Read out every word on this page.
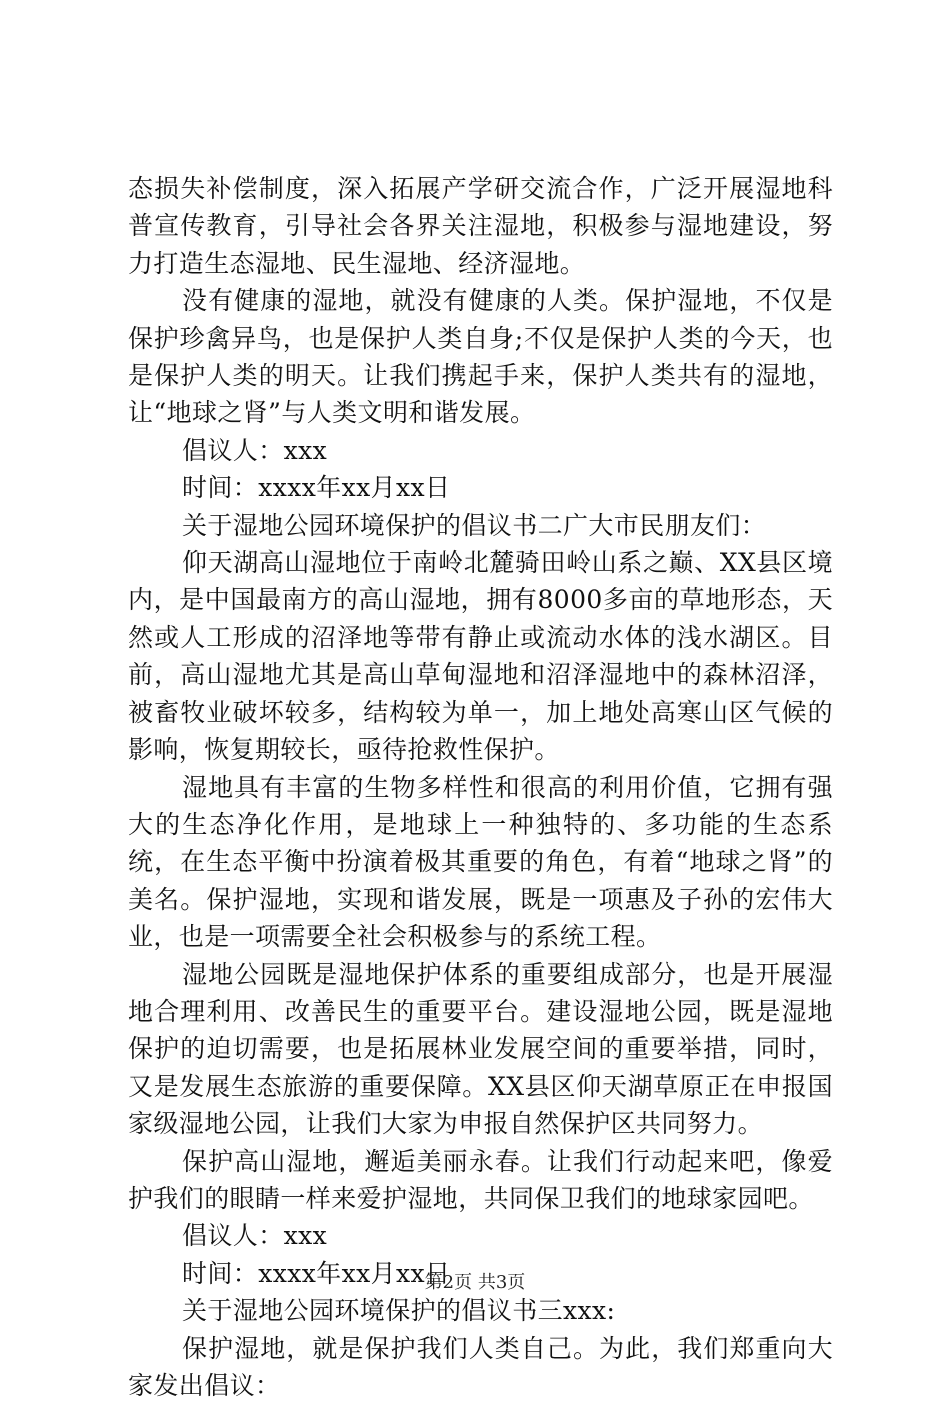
态损失补偿制度，深入拓展产学研交流合作，广泛开展湿地科普宣传教育，引导社会各界关注湿地，积极参与湿地建设，努力打造生态湿地、民生湿地、经济湿地。

没有健康的湿地，就没有健康的人类。保护湿地，不仅是保护珍禽异鸟，也是保护人类自身;不仅是保护人类的今天，也是保护人类的明天。让我们携起手来，保护人类共有的湿地，让“地球之肾”与人类文明和谐发展。

倡议人：xxx

时间：xxxx年xx月xx日

关于湿地公园环境保护的倡议书二广大市民朋友们：

仰天湖高山湿地位于南岭北麓骑田岭山系之巅、XX县区境内，是中国最南方的高山湿地，拥有8000多亩的草地形态，天然或人工形成的沼泽地等带有静止或流动水体的浅水湖区。目前，高山湿地尤其是高山草甸湿地和沼泽湿地中的森林沼泽，被畜牧业破坏较多，结构较为单一，加上地处高寒山区气候的影响，恢复期较长，亟待抢救性保护。

湿地具有丰富的生物多样性和很高的利用价值，它拥有强大的生态净化作用，是地球上一种独特的、多功能的生态系统，在生态平衡中扮演着极其重要的角色，有着“地球之肾”的美名。保护湿地，实现和谐发展，既是一项惠及子孙的宏伟大业，也是一项需要全社会积极参与的系统工程。

湿地公园既是湿地保护体系的重要组成部分，也是开展湿地合理利用、改善民生的重要平台。建设湿地公园，既是湿地保护的迫切需要，也是拓展林业发展空间的重要举措，同时，又是发展生态旅游的重要保障。XX县区仰天湖草原正在申报国家级湿地公园，让我们大家为申报自然保护区共同努力。

保护高山湿地，邂逅美丽永春。让我们行动起来吧，像爱护我们的眼睛一样来爱护湿地，共同保卫我们的地球家园吧。

倡议人：xxx

时间：xxxx年xx月xx日

关于湿地公园环境保护的倡议书三xxx:

保护湿地，就是保护我们人类自己。为此，我们郑重向大家发出倡议：

第2页 共3页
